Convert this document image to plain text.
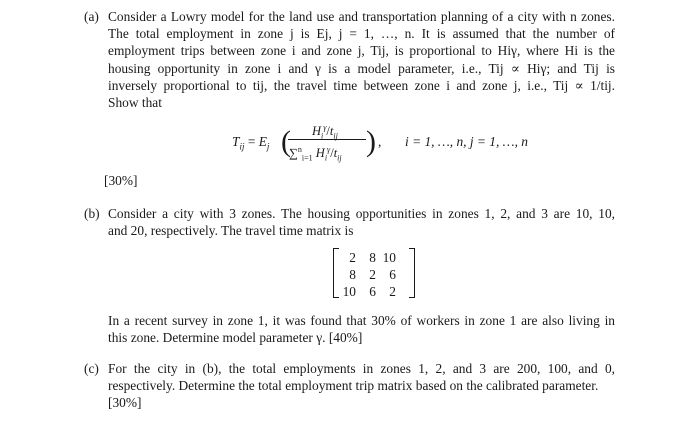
(a) Consider a Lowry model for the land use and transportation planning of a city with n zones.
The total employment in zone j is Ej, j = 1, …, n. It is assumed that the number of
employment trips between zone i and zone j, Tij, is proportional to Hiγ, where Hi is the
housing opportunity in zone i and γ is a model parameter, i.e., Tij ∝ Hiγ; and Tij is
inversely proportional to tij, the travel time between zone i and zone j, i.e., Tij ∝ 1/tij.
Show that
$T_{ij} = E_j$ ( $H_i^\gamma/t_{ij}$
∑$^n_{i=1}$ $H_i^\gamma/t_{ij}$
) , i = 1, …, n, j = 1, …, n
[30%]
(b) Consider a city with 3 zones. The housing opportunities in zones 1, 2, and 3 are 10, 10,
and 20, respectively. The travel time matrix is
2	8	10
8	2	6
10	6	2
In a recent survey in zone 1, it was found that 30% of workers in zone 1 are also living in
this zone. Determine model parameter γ. [40%]
(c) For the city in (b), the total employments in zones 1, 2, and 3 are 200, 100, and 0,
respectively. Determine the total employment trip matrix based on the calibrated parameter.
[30%]
